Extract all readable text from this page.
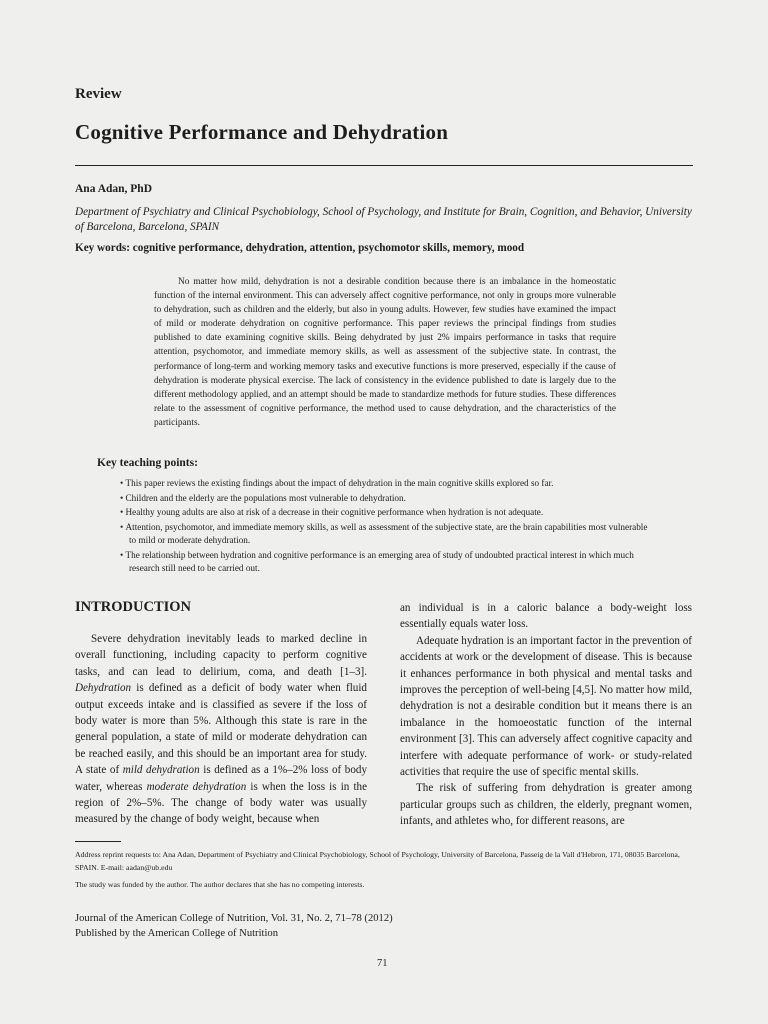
Review
Cognitive Performance and Dehydration
Ana Adan, PhD
Department of Psychiatry and Clinical Psychobiology, School of Psychology, and Institute for Brain, Cognition, and Behavior, University of Barcelona, Barcelona, SPAIN
Key words: cognitive performance, dehydration, attention, psychomotor skills, memory, mood
No matter how mild, dehydration is not a desirable condition because there is an imbalance in the homeostatic function of the internal environment. This can adversely affect cognitive performance, not only in groups more vulnerable to dehydration, such as children and the elderly, but also in young adults. However, few studies have examined the impact of mild or moderate dehydration on cognitive performance. This paper reviews the principal findings from studies published to date examining cognitive skills. Being dehydrated by just 2% impairs performance in tasks that require attention, psychomotor, and immediate memory skills, as well as assessment of the subjective state. In contrast, the performance of long-term and working memory tasks and executive functions is more preserved, especially if the cause of dehydration is moderate physical exercise. The lack of consistency in the evidence published to date is largely due to the different methodology applied, and an attempt should be made to standardize methods for future studies. These differences relate to the assessment of cognitive performance, the method used to cause dehydration, and the characteristics of the participants.
Key teaching points:
• This paper reviews the existing findings about the impact of dehydration in the main cognitive skills explored so far.
• Children and the elderly are the populations most vulnerable to dehydration.
• Healthy young adults are also at risk of a decrease in their cognitive performance when hydration is not adequate.
• Attention, psychomotor, and immediate memory skills, as well as assessment of the subjective state, are the brain capabilities most vulnerable to mild or moderate dehydration.
• The relationship between hydration and cognitive performance is an emerging area of study of undoubted practical interest in which much research still need to be carried out.
INTRODUCTION

Severe dehydration inevitably leads to marked decline in overall functioning, including capacity to perform cognitive tasks, and can lead to delirium, coma, and death [1–3]. Dehydration is defined as a deficit of body water when fluid output exceeds intake and is classified as severe if the loss of body water is more than 5%. Although this state is rare in the general population, a state of mild or moderate dehydration can be reached easily, and this should be an important area for study. A state of mild dehydration is defined as a 1%–2% loss of body water, whereas moderate dehydration is when the loss is in the region of 2%–5%. The change of body water was usually measured by the change of body weight, because when

an individual is in a caloric balance a body-weight loss essentially equals water loss.

Adequate hydration is an important factor in the prevention of accidents at work or the development of disease. This is because it enhances performance in both physical and mental tasks and improves the perception of well-being [4,5]. No matter how mild, dehydration is not a desirable condition but it means there is an imbalance in the homoeostatic function of the internal environment [3]. This can adversely affect cognitive capacity and interfere with adequate performance of work- or study-related activities that require the use of specific mental skills.

The risk of suffering from dehydration is greater among particular groups such as children, the elderly, pregnant women, infants, and athletes who, for different reasons, are

Address reprint requests to: Ana Adan, Department of Psychiatry and Clinical Psychobiology, School of Psychology, University of Barcelona, Passeig de la Vall d'Hebron, 171, 08035 Barcelona, SPAIN. E-mail: aadan@ub.edu

The study was funded by the author. The author declares that she has no competing interests.

Journal of the American College of Nutrition, Vol. 31, No. 2, 71–78 (2012)
Published by the American College of Nutrition
71
